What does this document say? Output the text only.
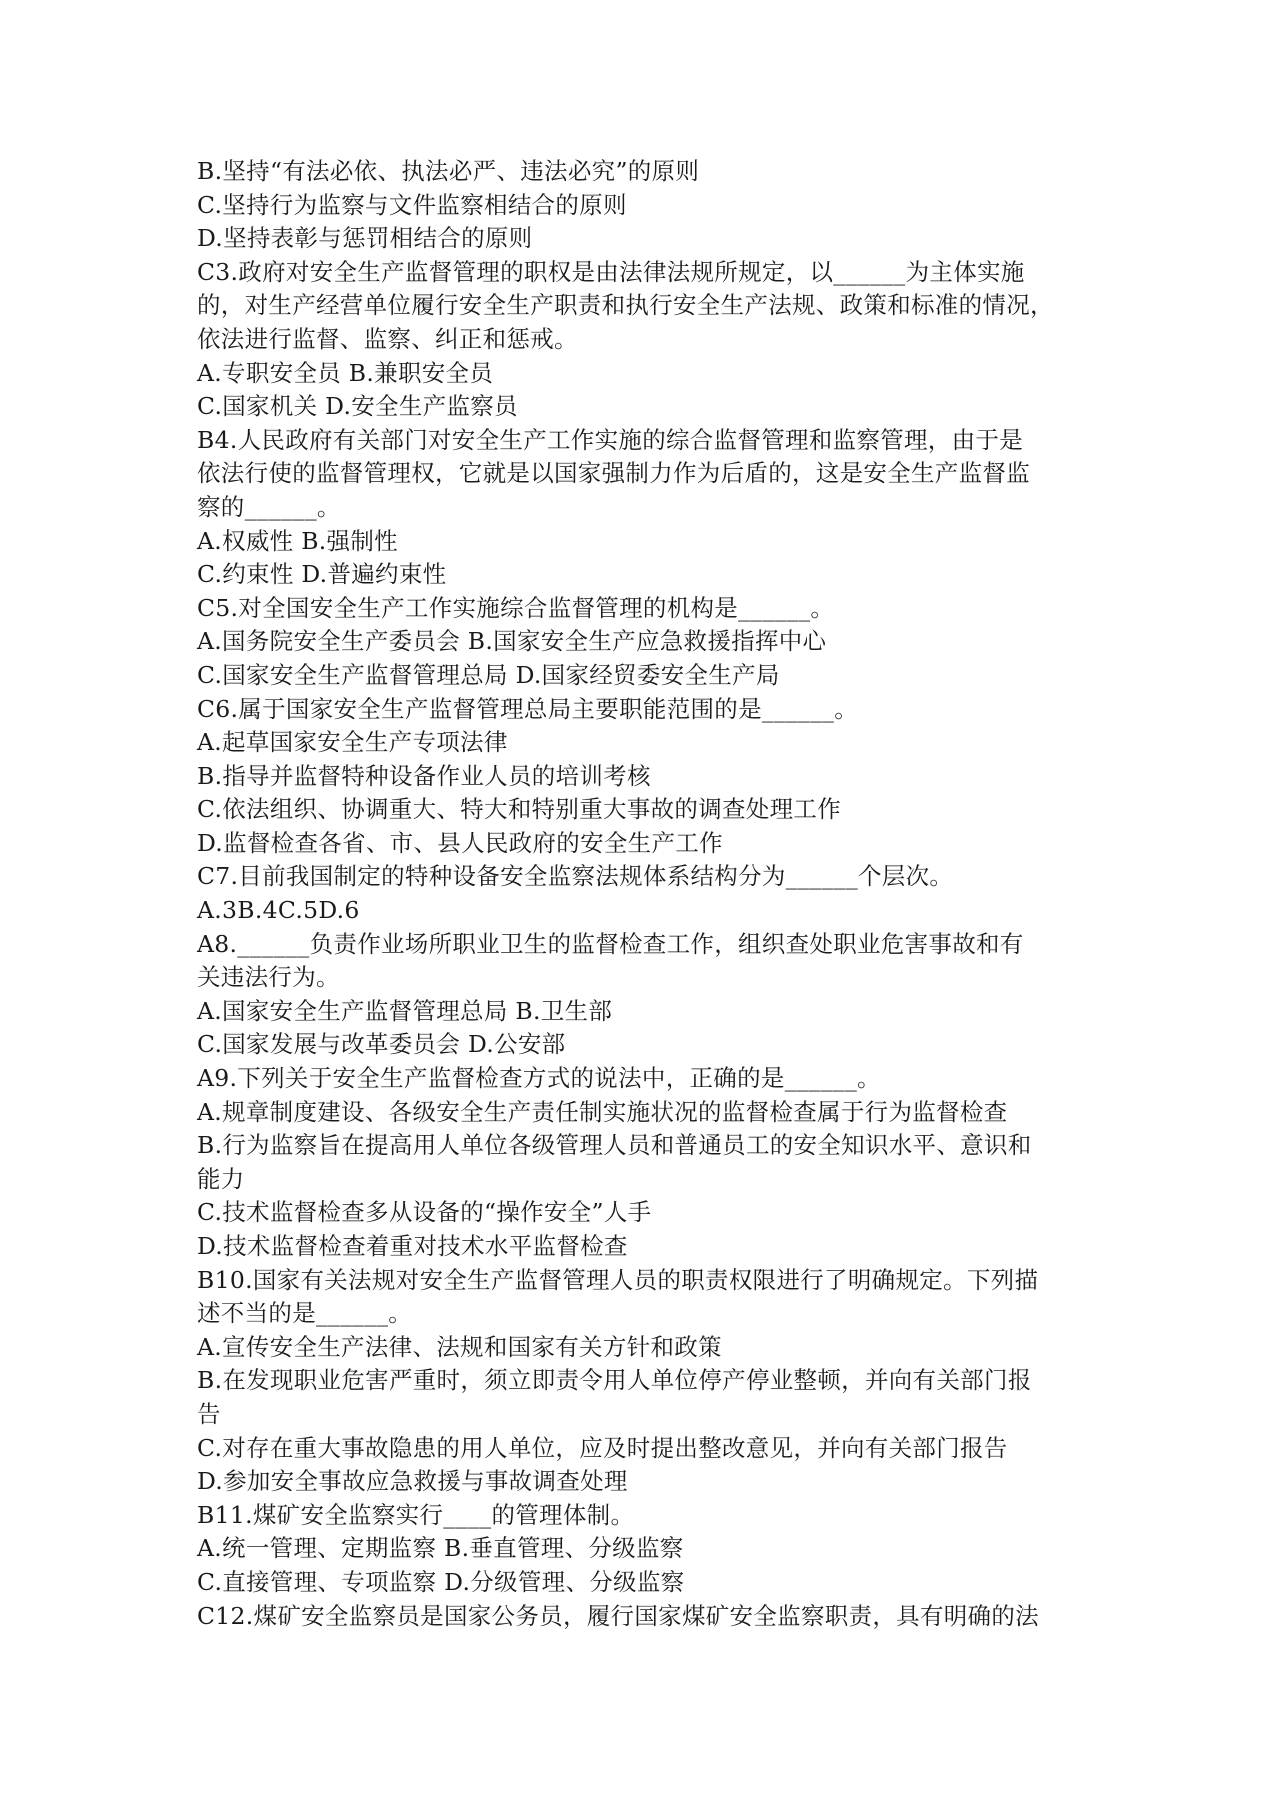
B.坚持“有法必依、执法必严、违法必究”的原则
C.坚持行为监察与文件监察相结合的原则
D.坚持表彰与惩罚相结合的原则
C3.政府对安全生产监督管理的职权是由法律法规所规定，以______为主体实施
的，对生产经营单位履行安全生产职责和执行安全生产法规、政策和标准的情况，
依法进行监督、监察、纠正和惩戒。
A.专职安全员 B.兼职安全员
C.国家机关 D.安全生产监察员
B4.人民政府有关部门对安全生产工作实施的综合监督管理和监察管理，由于是
依法行使的监督管理权，它就是以国家强制力作为后盾的，这是安全生产监督监
察的______。
A.权威性 B.强制性
C.约束性 D.普遍约束性
C5.对全国安全生产工作实施综合监督管理的机构是______。
A.国务院安全生产委员会 B.国家安全生产应急救援指挥中心
C.国家安全生产监督管理总局 D.国家经贸委安全生产局
C6.属于国家安全生产监督管理总局主要职能范围的是______。
A.起草国家安全生产专项法律
B.指导并监督特种设备作业人员的培训考核
C.依法组织、协调重大、特大和特别重大事故的调查处理工作
D.监督检查各省、市、县人民政府的安全生产工作
C7.目前我国制定的特种设备安全监察法规体系结构分为______个层次。
A.3B.4C.5D.6
A8.______负责作业场所职业卫生的监督检查工作，组织查处职业危害事故和有
关违法行为。
A.国家安全生产监督管理总局 B.卫生部
C.国家发展与改革委员会 D.公安部
A9.下列关于安全生产监督检查方式的说法中，正确的是______。
A.规章制度建设、各级安全生产责任制实施状况的监督检查属于行为监督检查
B.行为监察旨在提高用人单位各级管理人员和普通员工的安全知识水平、意识和
能力
C.技术监督检查多从设备的“操作安全”人手
D.技术监督检查着重对技术水平监督检查
B10.国家有关法规对安全生产监督管理人员的职责权限进行了明确规定。下列描
述不当的是______。
A.宣传安全生产法律、法规和国家有关方针和政策
B.在发现职业危害严重时，须立即责令用人单位停产停业整顿，并向有关部门报
告
C.对存在重大事故隐患的用人单位，应及时提出整改意见，并向有关部门报告
D.参加安全事故应急救援与事故调查处理
B11.煤矿安全监察实行____的管理体制。
A.统一管理、定期监察 B.垂直管理、分级监察
C.直接管理、专项监察 D.分级管理、分级监察
C12.煤矿安全监察员是国家公务员，履行国家煤矿安全监察职责，具有明确的法
